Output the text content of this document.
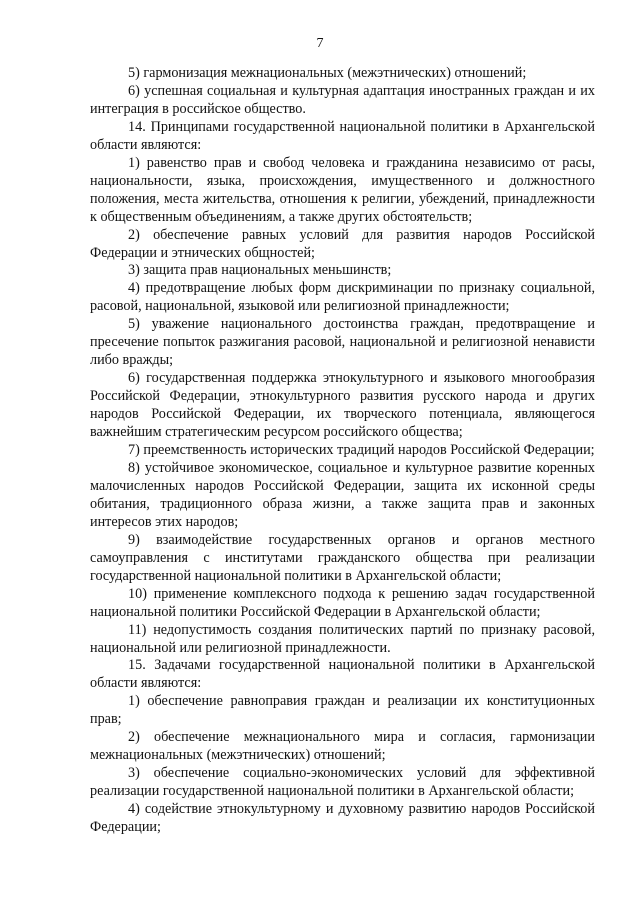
7

5) гармонизация межнациональных (межэтнических) отношений;

6) успешная социальная и культурная адаптация иностранных граждан и их интеграция в российское общество.

14. Принципами государственной национальной политики в Архангельской области являются:

1) равенство прав и свобод человека и гражданина независимо от расы, национальности, языка, происхождения, имущественного и должностного положения, места жительства, отношения к религии, убеждений, принадлежности к общественным объединениям, а также других обстоятельств;

2) обеспечение равных условий для развития народов Российской Федерации и этнических общностей;

3) защита прав национальных меньшинств;

4) предотвращение любых форм дискриминации по признаку социальной, расовой, национальной, языковой или религиозной принадлежности;

5) уважение национального достоинства граждан, предотвращение и пресечение попыток разжигания расовой, национальной и религиозной ненависти либо вражды;

6) государственная поддержка этнокультурного и языкового многообразия Российской Федерации, этнокультурного развития русского народа и других народов Российской Федерации, их творческого потенциала, являющегося важнейшим стратегическим ресурсом российского общества;

7) преемственность исторических традиций народов Российской Федерации;

8) устойчивое экономическое, социальное и культурное развитие коренных малочисленных народов Российской Федерации, защита их исконной среды обитания, традиционного образа жизни, а также защита прав и законных интересов этих народов;

9) взаимодействие государственных органов и органов местного самоуправления с институтами гражданского общества при реализации государственной национальной политики в Архангельской области;

10) применение комплексного подхода к решению задач государственной национальной политики Российской Федерации в Архангельской области;

11) недопустимость создания политических партий по признаку расовой, национальной или религиозной принадлежности.

15. Задачами государственной национальной политики в Архангельской области являются:

1) обеспечение равноправия граждан и реализации их конституционных прав;

2) обеспечение межнационального мира и согласия, гармонизации межнациональных (межэтнических) отношений;

3) обеспечение социально-экономических условий для эффективной реализации государственной национальной политики в Архангельской области;

4) содействие этнокультурному и духовному развитию народов Российской Федерации;
